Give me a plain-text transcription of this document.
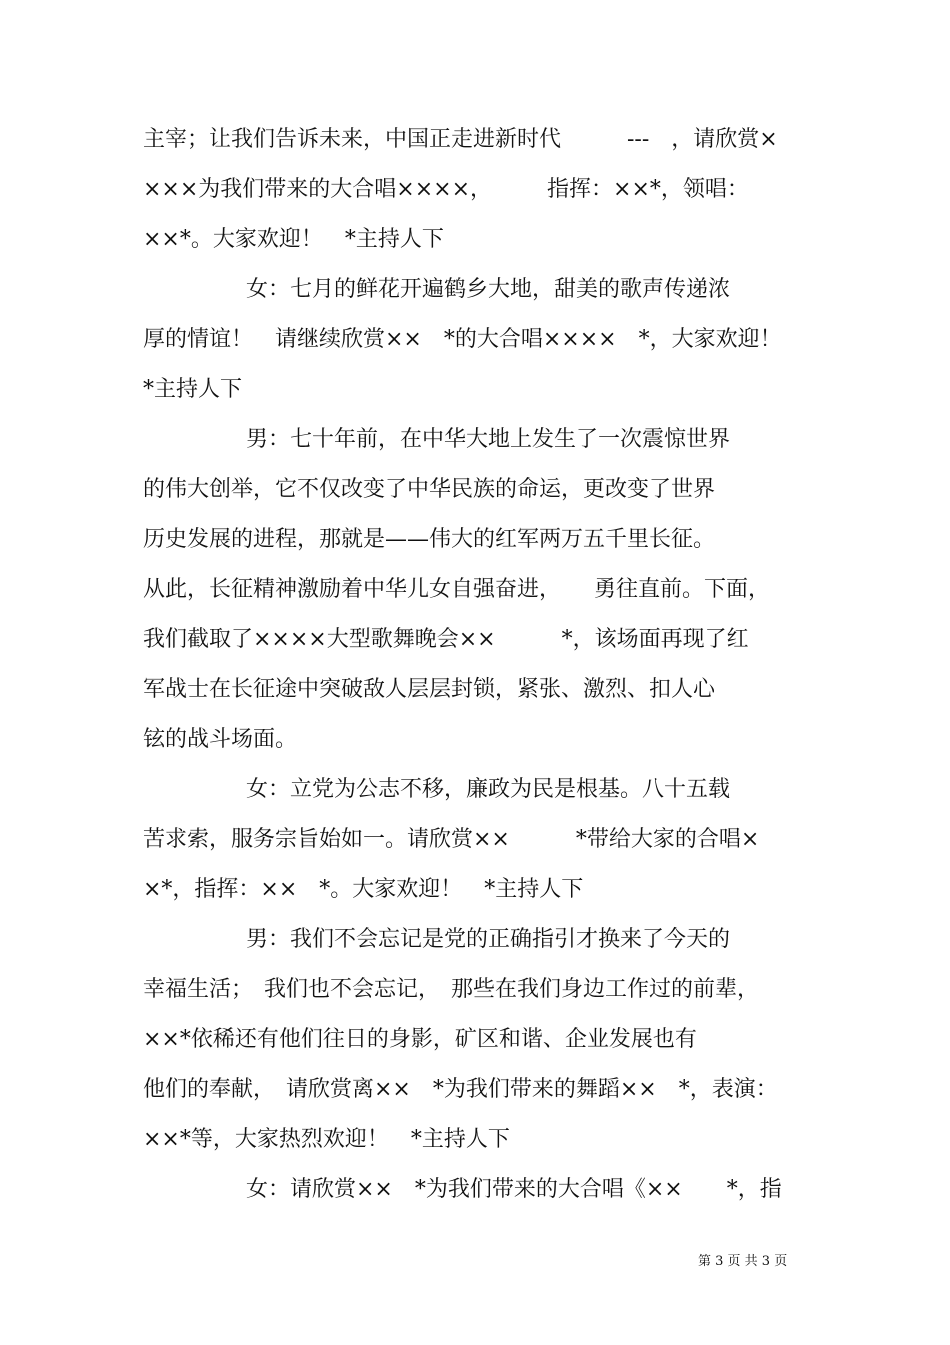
主宰；让我们告诉未来，中国正走进新时代　　　---　，请欣赏×

×××为我们带来的大合唱××××，　　　指挥：××*，领唱：

××*。大家欢迎！　*主持人下

女：七月的鲜花开遍鹤乡大地，甜美的歌声传递浓

厚的情谊！　请继续欣赏××　*的大合唱××××　*，大家欢迎！

*主持人下

男：七十年前，在中华大地上发生了一次震惊世界

的伟大创举，它不仅改变了中华民族的命运，更改变了世界

历史发展的进程，那就是——伟大的红军两万五千里长征。

从此，长征精神激励着中华儿女自强奋进，　　勇往直前。下面，

我们截取了××××大型歌舞晚会××　　　*，该场面再现了红

军战士在长征途中突破敌人层层封锁，紧张、激烈、扣人心

铉的战斗场面。

女：立党为公志不移，廉政为民是根基。八十五载

苦求索，服务宗旨始如一。请欣赏××　　　*带给大家的合唱×

×*，指挥：××　*。大家欢迎！　*主持人下

男：我们不会忘记是党的正确指引才换来了今天的

幸福生活；　我们也不会忘记，　那些在我们身边工作过的前辈，

××*依稀还有他们往日的身影，矿区和谐、企业发展也有

他们的奉献，　请欣赏离××　*为我们带来的舞蹈××　*，表演：

××*等，大家热烈欢迎！　*主持人下

女：请欣赏××　*为我们带来的大合唱《××　　*，指

第 3 页 共 3 页
